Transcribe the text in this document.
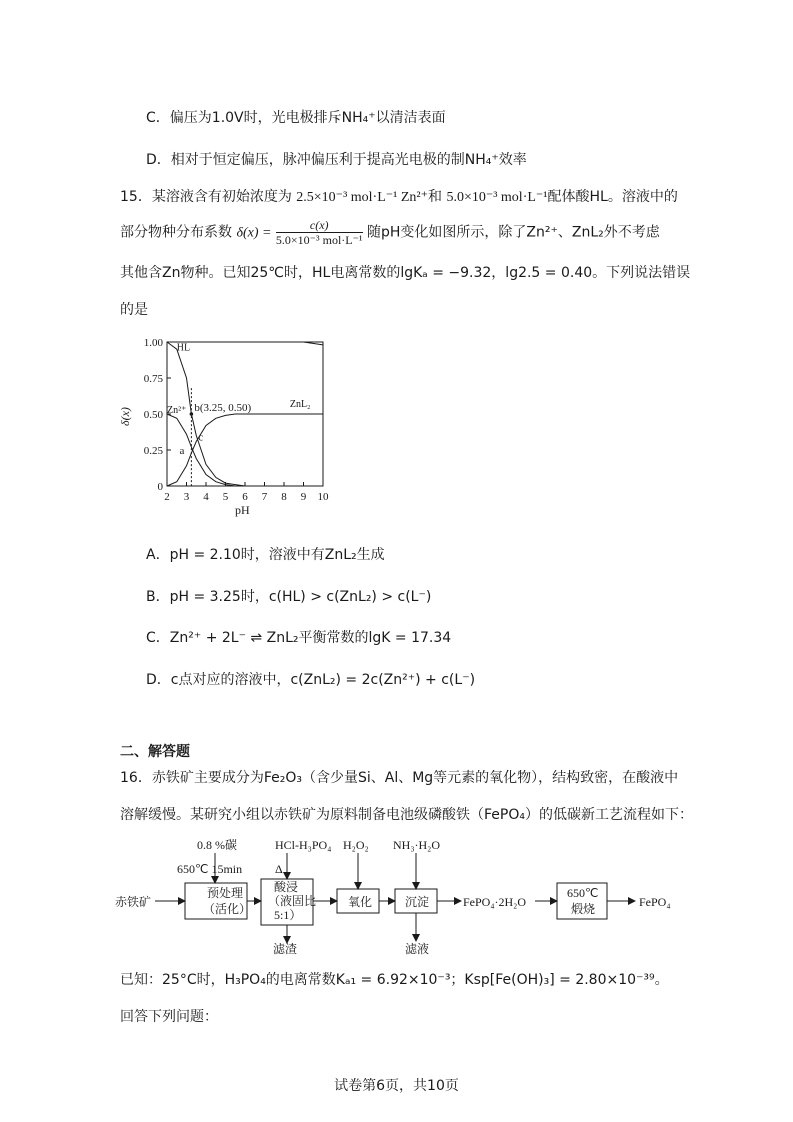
C．偏压为1.0V时，光电极排斥NH₄⁺以清洁表面
D．相对于恒定偏压，脉冲偏压利于提高光电极的制NH₄⁺效率
15．某溶液含有初始浓度为 2.5×10⁻³ mol·L⁻¹ Zn²⁺和 5.0×10⁻³ mol·L⁻¹配体酸HL。溶液中的
部分物种分布系数 $\delta(x) = \frac{c(x)}{\text{5.0×10⁻³ mol·L⁻¹}}$ 随pH变化如图所示，除了Zn²⁺、ZnL₂外不考虑
其他含Zn物种。已知25℃时，HL电离常数的lgKₐ = −9.32，lg2.5 = 0.40。下列说法错误
的是
2 3 4 5 6 7 8 9 10
0
0.25
0.50
0.75
1.00
pH
δ(x)
HL
Zn²⁺
ZnL₂
b(3.25, 0.50)
a
c
A．pH = 2.10时，溶液中有ZnL₂生成
B．pH = 3.25时，c(HL) > c(ZnL₂) > c(L⁻)
C．Zn²⁺ + 2L⁻ ⇌ ZnL₂平衡常数的lgK = 17.34
D．c点对应的溶液中，c(ZnL₂) = 2c(Zn²⁺) + c(L⁻)
二、解答题
16．赤铁矿主要成分为Fe₂O₃（含少量Si、Al、Mg等元素的氧化物），结构致密，在酸液中
溶解缓慢。某研究小组以赤铁矿为原料制备电池级磷酸铁（FePO₄）的低碳新工艺流程如下：
赤铁矿
0.8 %碳
650℃ 15min
预处理
（活化）
HCl-H₃PO₄
Δ
酸浸
（液固比
5:1）
滤渣
H₂O₂
氧化
NH₃·H₂O
沉淀
滤液
FePO₄·2H₂O
650℃
煅烧	FePO₄
已知：25°C时，H₃PO₄的电离常数Kₐ₁ = 6.92×10⁻³；Ksp[Fe(OH)₃] = 2.80×10⁻³⁹。
回答下列问题：
试卷第6页，共10页
